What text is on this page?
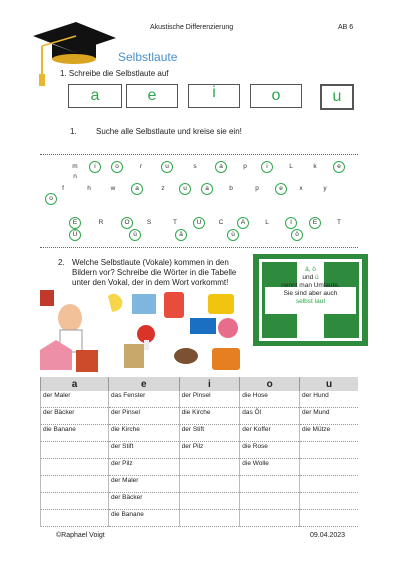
Akustische Differenzierung	AB 6
Selbstlaute
1. Schreibe die Selbstlaute auf
a	e	i	o	u
1. Suche alle Selbstlaute und kreise sie ein!
m	i	o	r	u	s	a	p	i	L	k	e
n
f	h	w	a	z	u	a	b	p	e	x	y
o
E	R	O	S	T	U	C	A	L	I	E	T
Ü	ü	ä	ü	ö
2. Welche Selbstlaute (Vokale) kommen in den Bildern vor? Schreibe die Wörter in die Tabelle unter den Vokal, der in dem Wort vorkommt!
ä, ö
und ü
nennt man Umlaute.
Sie sind aber auch
selbst laut
a	e	i	o	u
der Maler	das Fenster	der Pinsel	die Hose	der Hund
der Bäcker	der Pinsel	die Kirche	das Öl	der Mund
die Banane	die Kirche	der Stift	der Koffer	die Mütze
	der Stift	der Pilz	die Rose	
	der Pilz		die Wolle	
	der Maler			
	der Bäcker			
	die Banane			
©Raphael Voigt	09.04.2023
